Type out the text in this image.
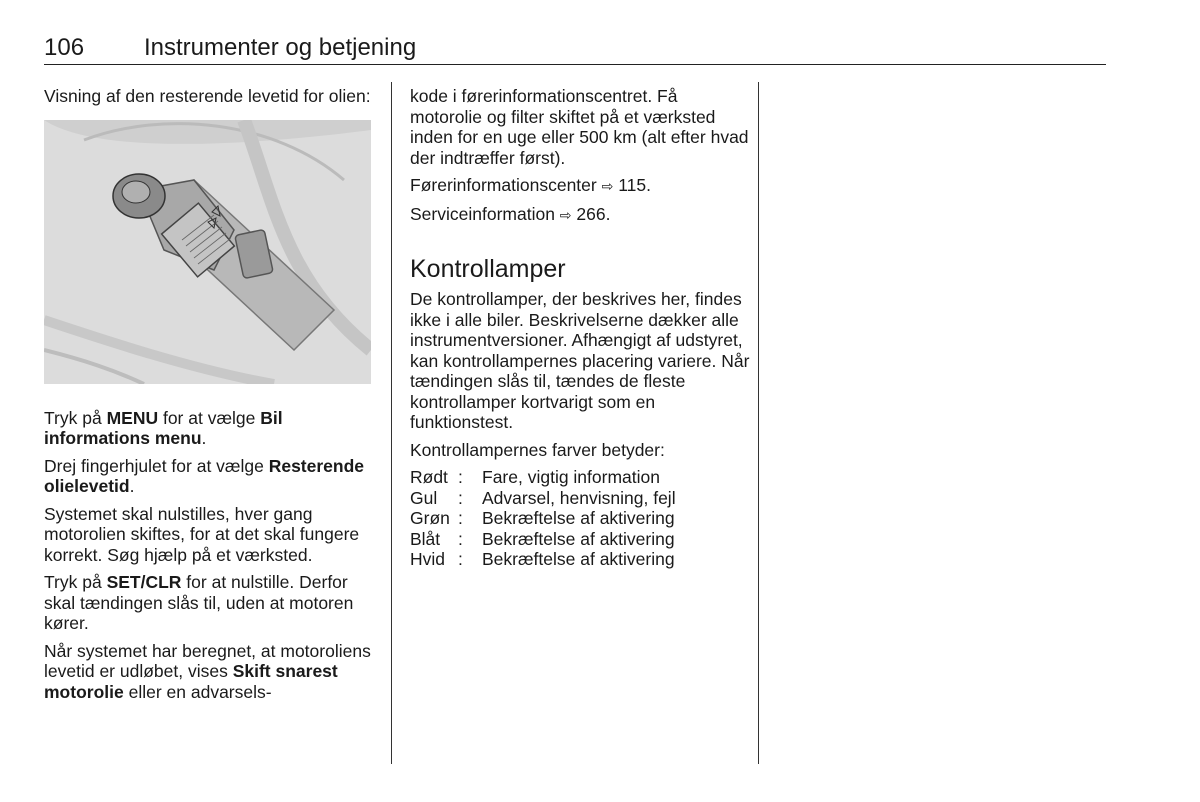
106 Instrumenter og betjening

Visning af den resterende levetid for olien:

Tryk på MENU for at vælge Bil informations menu.

Drej fingerhjulet for at vælge Resterende olielevetid.

Systemet skal nulstilles, hver gang motorolien skiftes, for at det skal fungere korrekt. Søg hjælp på et værksted.

Tryk på SET/CLR for at nulstille. Derfor skal tændingen slås til, uden at motoren kører.

Når systemet har beregnet, at motoroliens levetid er udløbet, vises Skift snarest motorolie eller en advarsels-

kode i førerinformationscentret. Få motorolie og filter skiftet på et værksted inden for en uge eller 500 km (alt efter hvad der indtræffer først).

Førerinformationscenter ⇨ 115.

Serviceinformation ⇨ 266.

Kontrollamper

De kontrollamper, der beskrives her, findes ikke i alle biler. Beskrivelserne dækker alle instrumentversioner. Afhængigt af udstyret, kan kontrollampernes placering variere. Når tændingen slås til, tændes de fleste kontrollamper kortvarigt som en funktionstest.

Kontrollampernes farver betyder:

Rødt	:	Fare, vigtig information
Gul	:	Advarsel, henvisning, fejl
Grøn	:	Bekræftelse af aktivering
Blåt	:	Bekræftelse af aktivering
Hvid	:	Bekræftelse af aktivering
